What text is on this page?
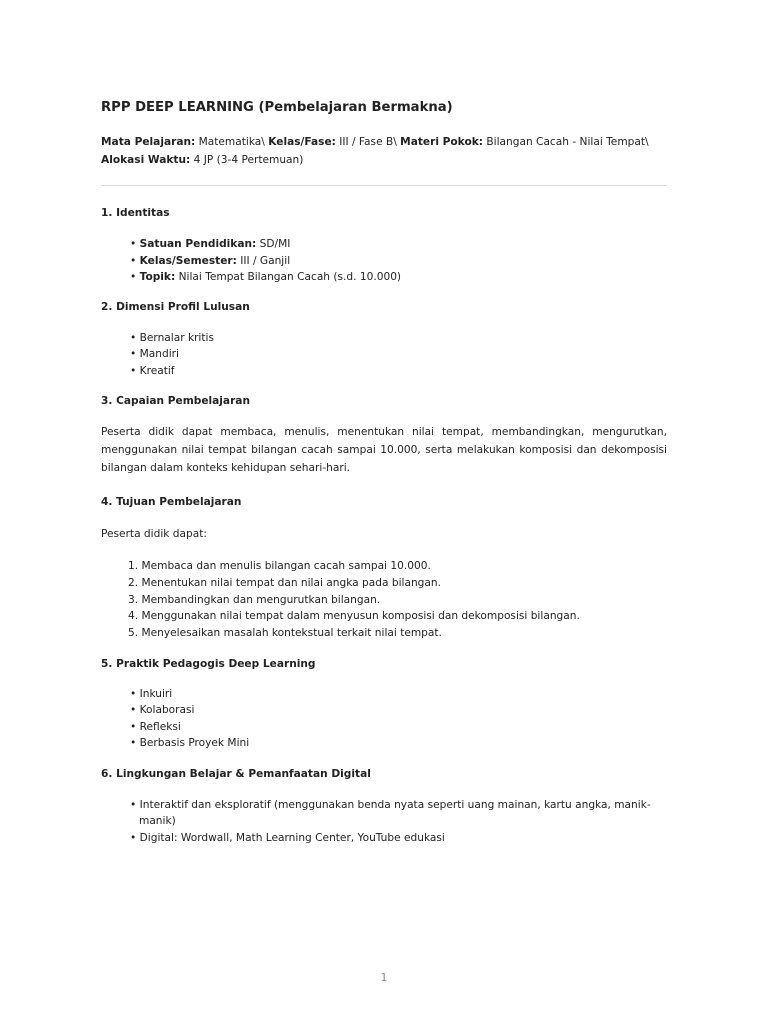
RPP DEEP LEARNING (Pembelajaran Bermakna)
Mata Pelajaran: Matematika\ Kelas/Fase: III / Fase B\ Materi Pokok: Bilangan Cacah - Nilai Tempat\
Alokasi Waktu: 4 JP (3-4 Pertemuan)
1. Identitas
• Satuan Pendidikan: SD/MI
• Kelas/Semester: III / Ganjil
• Topik: Nilai Tempat Bilangan Cacah (s.d. 10.000)
2. Dimensi Profil Lulusan
• Bernalar kritis
• Mandiri
• Kreatif
3. Capaian Pembelajaran

Peserta didik dapat membaca, menulis, menentukan nilai tempat, membandingkan, mengurutkan, menggunakan nilai tempat bilangan cacah sampai 10.000, serta melakukan komposisi dan dekomposisi

bilangan dalam konteks kehidupan sehari-hari.

4. Tujuan Pembelajaran

Peserta didik dapat:

1. Membaca dan menulis bilangan cacah sampai 10.000.
2. Menentukan nilai tempat dan nilai angka pada bilangan.
3. Membandingkan dan mengurutkan bilangan.
4. Menggunakan nilai tempat dalam menyusun komposisi dan dekomposisi bilangan.
5. Menyelesaikan masalah kontekstual terkait nilai tempat.
5. Praktik Pedagogis Deep Learning
• Inkuiri
• Kolaborasi
• Refleksi
• Berbasis Proyek Mini
6. Lingkungan Belajar & Pemanfaatan Digital
• Interaktif dan eksploratif (menggunakan benda nyata seperti uang mainan, kartu angka, manik-manik)
• Digital: Wordwall, Math Learning Center, YouTube edukasi
1
